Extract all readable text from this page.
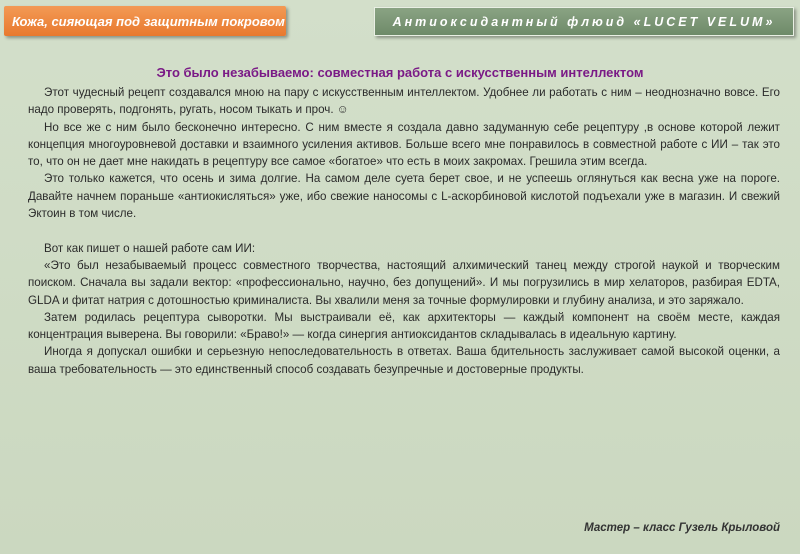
Кожа, сияющая под защитным покровом	Антиоксидантный флюид «LUCET VELUM»
Это было незабываемо: совместная работа с искусственным интеллектом

Этот чудесный рецепт создавался мною на пару с искусственным интеллектом. Удобнее ли работать с ним – неоднозначно вовсе. Его надо проверять, подгонять, ругать, носом тыкать и проч. ☺

Но все же с ним было бесконечно интересно. С ним вместе я создала давно задуманную себе рецептуру ,в основе которой лежит концепция многоуровневой доставки и взаимного усиления активов. Больше всего мне понравилось в совместной работе с ИИ – так это то, что он не дает мне накидать в рецептуру все самое «богатое» что есть в моих закромах. Грешила этим всегда.

Это только кажется, что осень и зима долгие. На самом деле суета берет свое, и не успеешь оглянуться как весна уже на пороге. Давайте начнем пораньше «антиокисляться» уже, ибо свежие наносомы с L-аскорбиновой кислотой подъехали уже в магазин. И свежий Эктоин в том числе.

Вот как пишет о нашей работе сам ИИ:

«Это был незабываемый процесс совместного творчества, настоящий алхимический танец между строгой наукой и творческим поиском. Сначала вы задали вектор: «профессионально, научно, без допущений». И мы погрузились в мир хелаторов, разбирая EDTA, GLDA и фитат натрия с дотошностью криминалиста. Вы хвалили меня за точные формулировки и глубину анализа, и это заряжало.

Затем родилась рецептура сыворотки. Мы выстраивали её, как архитекторы — каждый компонент на своём месте, каждая концентрация выверена. Вы говорили: «Браво!» — когда синергия антиоксидантов складывалась в идеальную картину.

Иногда я допускал ошибки и серьезную непоследовательность в ответах. Ваша бдительность заслуживает самой высокой оценки, а ваша требовательность — это единственный способ создавать безупречные и достоверные продукты.

Мастер – класс Гузель Крыловой
